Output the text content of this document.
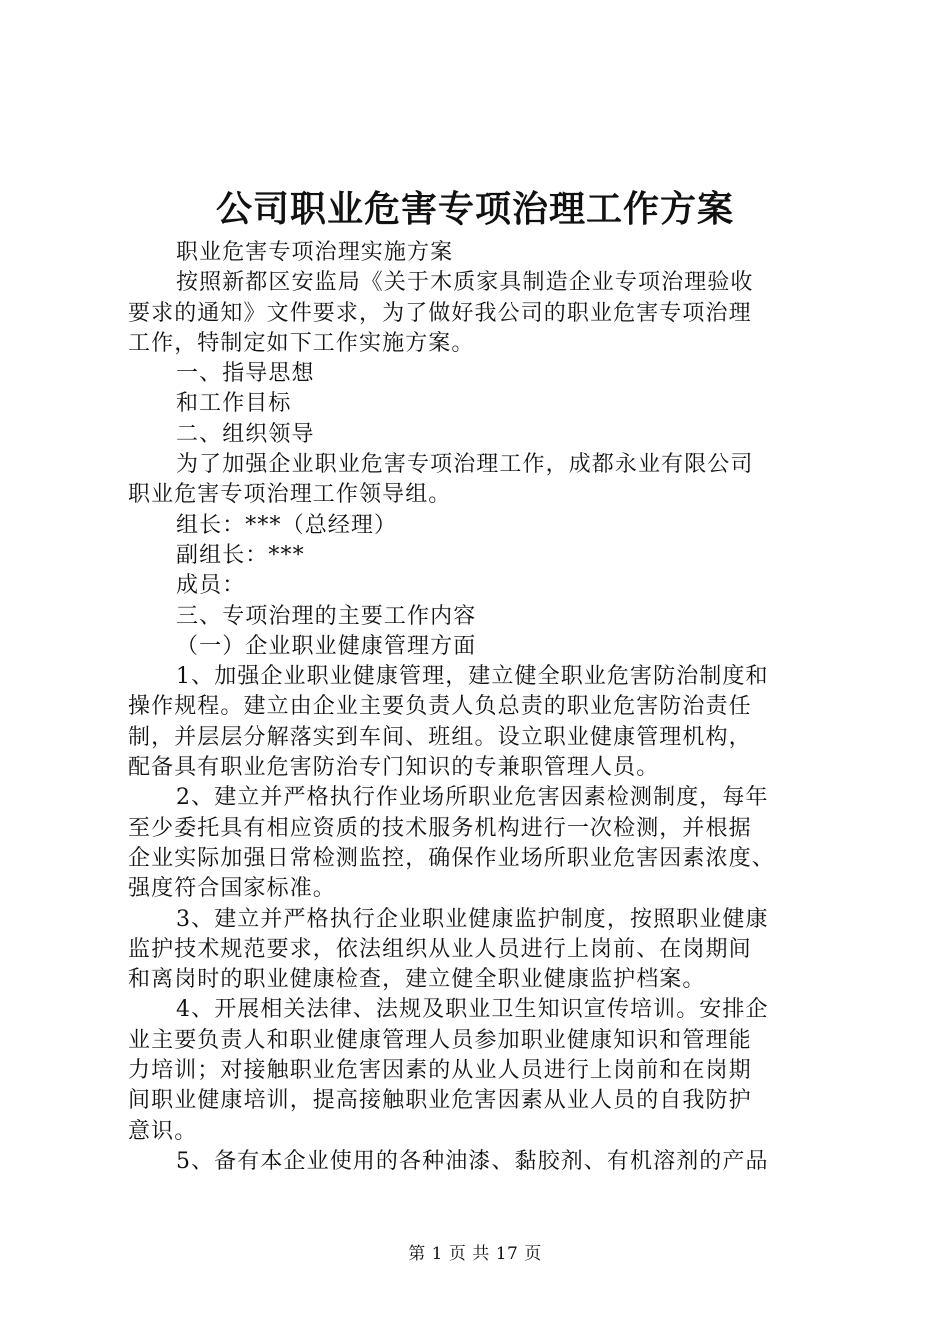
公司职业危害专项治理工作方案
职业危害专项治理实施方案
按照新都区安监局《关于木质家具制造企业专项治理验收
要求的通知》文件要求，为了做好我公司的职业危害专项治理
工作，特制定如下工作实施方案。
一、指导思想
和工作目标
二、组织领导
为了加强企业职业危害专项治理工作，成都永业有限公司
职业危害专项治理工作领导组。
组长：***（总经理）
副组长：***
成员：
三、专项治理的主要工作内容
（一）企业职业健康管理方面
1、加强企业职业健康管理，建立健全职业危害防治制度和
操作规程。建立由企业主要负责人负总责的职业危害防治责任
制，并层层分解落实到车间、班组。设立职业健康管理机构，
配备具有职业危害防治专门知识的专兼职管理人员。
2、建立并严格执行作业场所职业危害因素检测制度，每年
至少委托具有相应资质的技术服务机构进行一次检测，并根据
企业实际加强日常检测监控，确保作业场所职业危害因素浓度、
强度符合国家标准。
3、建立并严格执行企业职业健康监护制度，按照职业健康
监护技术规范要求，依法组织从业人员进行上岗前、在岗期间
和离岗时的职业健康检查，建立健全职业健康监护档案。
4、开展相关法律、法规及职业卫生知识宣传培训。安排企
业主要负责人和职业健康管理人员参加职业健康知识和管理能
力培训；对接触职业危害因素的从业人员进行上岗前和在岗期
间职业健康培训，提高接触职业危害因素从业人员的自我防护
意识。
5、备有本企业使用的各种油漆、黏胶剂、有机溶剂的产品
第 1 页 共 17 页
